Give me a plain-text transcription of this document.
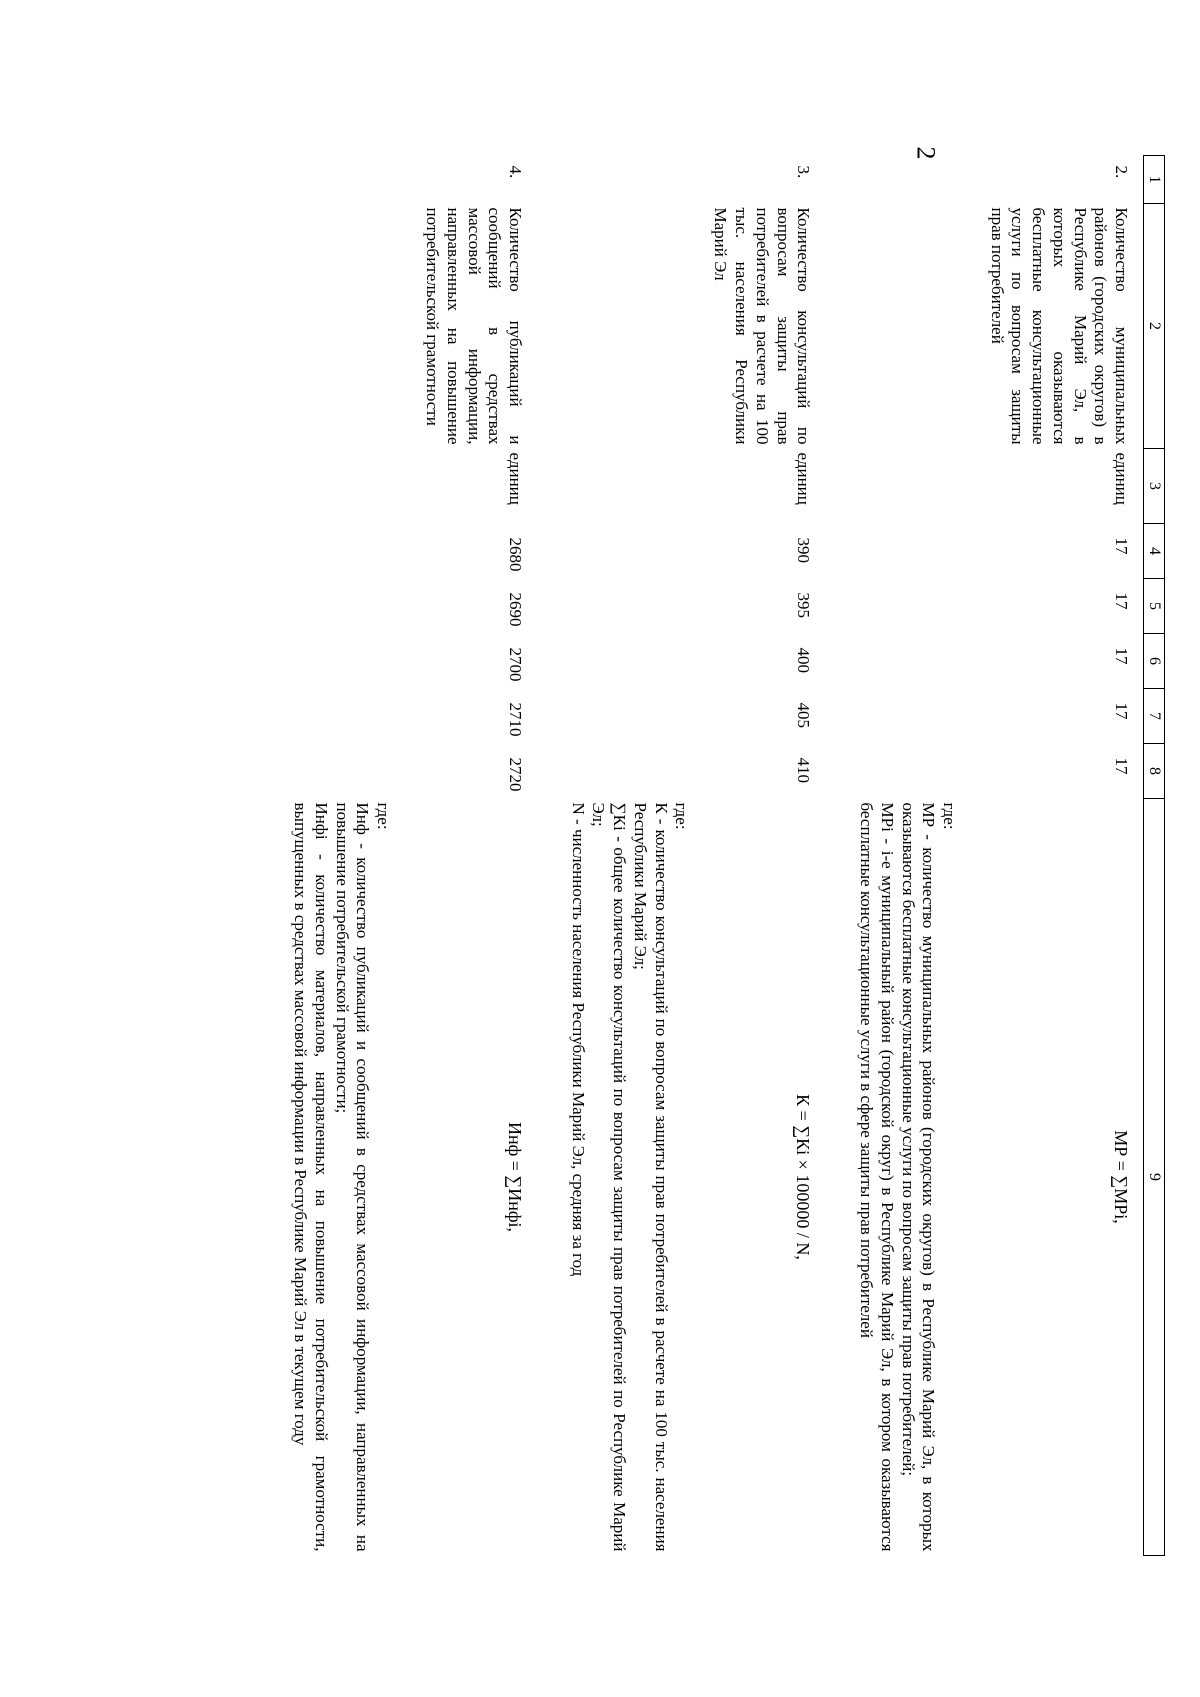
2
1	2	3	4	5	6	7	8	9
2.	Количество муниципальных районов (городских округов) в Республике Марий Эл, в которых оказываются бесплатные консультационные услуги по вопросам защиты прав потребителей	единиц	17	17	17	17	17	МР = ∑МРi,
где:
МР - количество муниципальных районов (городских округов) в Республике Марий Эл, в которых оказываются бесплатные консультационные услуги по вопросам защиты прав потребителей;
МРi - i-е муниципальный район (городской округ) в Республике Марий Эл, в котором оказываются бесплатные консультационные услуги в сфере защиты прав потребителей

3.	Количество консультаций по вопросам защиты прав потребителей в расчете на 100 тыс. населения Республики Марий Эл	единиц	390	395	400	405	410	К = ∑Кi × 100000 / N,
где:
К - количество консультаций по вопросам защиты прав потребителей в расчете на 100 тыс. населения Республики Марий Эл;
∑Кi - общее количество консультаций по вопросам защиты прав потребителей по Республике Марий Эл;
N - численность населения Республики Марий Эл, средняя за год

4.	Количество публикаций и сообщений в средствах массовой информации, направленных на повышение потребительской грамотности	единиц	2680	2690	2700	2710	2720	Инф = ∑Инфi,
где:
Инф - количество публикаций и сообщений в средствах массовой информации, направленных на повышение потребительской грамотности;
Инфi - количество материалов, направленных на повышение потребительской грамотности, выпущенных в средствах массовой информации в Республике Марий Эл в текущем году
